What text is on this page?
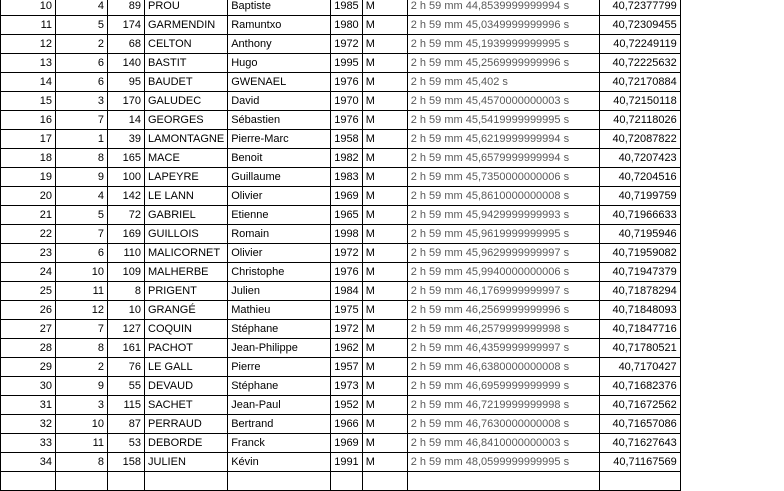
10	4	89	PROU	Baptiste	1985	M	2 h 59 mm 44,8539999999994 s	40,72377799
11	5	174	GARMENDIN	Ramuntxo	1980	M	2 h 59 mm 45,0349999999996 s	40,72309455
12	2	68	CELTON	Anthony	1972	M	2 h 59 mm 45,1939999999995 s	40,72249119
13	6	140	BASTIT	Hugo	1995	M	2 h 59 mm 45,2569999999996 s	40,72225632
14	6	95	BAUDET	GWENAEL	1976	M	2 h 59 mm 45,402 s	40,72170884
15	3	170	GALUDEC	David	1970	M	2 h 59 mm 45,4570000000003 s	40,72150118
16	7	14	GEORGES	Sébastien	1976	M	2 h 59 mm 45,5419999999995 s	40,72118026
17	1	39	LAMONTAGNE	Pierre-Marc	1958	M	2 h 59 mm 45,6219999999994 s	40,72087822
18	8	165	MACE	Benoit	1982	M	2 h 59 mm 45,6579999999994 s	40,7207423
19	9	100	LAPEYRE	Guillaume	1983	M	2 h 59 mm 45,7350000000006 s	40,7204516
20	4	142	LE LANN	Olivier	1969	M	2 h 59 mm 45,8610000000008 s	40,7199759
21	5	72	GABRIEL	Etienne	1965	M	2 h 59 mm 45,9429999999993 s	40,71966633
22	7	169	GUILLOIS	Romain	1998	M	2 h 59 mm 45,9619999999995 s	40,7195946
23	6	110	MALICORNET	Olivier	1972	M	2 h 59 mm 45,9629999999997 s	40,71959082
24	10	109	MALHERBE	Christophe	1976	M	2 h 59 mm 45,9940000000006 s	40,71947379
25	11	8	PRIGENT	Julien	1984	M	2 h 59 mm 46,1769999999997 s	40,71878294
26	12	10	GRANGÉ	Mathieu	1975	M	2 h 59 mm 46,2569999999996 s	40,71848093
27	7	127	COQUIN	Stéphane	1972	M	2 h 59 mm 46,2579999999998 s	40,71847716
28	8	161	PACHOT	Jean-Philippe	1962	M	2 h 59 mm 46,4359999999997 s	40,71780521
29	2	76	LE GALL	Pierre	1957	M	2 h 59 mm 46,6380000000008 s	40,7170427
30	9	55	DEVAUD	Stéphane	1973	M	2 h 59 mm 46,6959999999999 s	40,71682376
31	3	115	SACHET	Jean-Paul	1952	M	2 h 59 mm 46,7219999999998 s	40,71672562
32	10	87	PERRAUD	Bertrand	1966	M	2 h 59 mm 46,7630000000008 s	40,71657086
33	11	53	DEBORDE	Franck	1969	M	2 h 59 mm 46,8410000000003 s	40,71627643
34	8	158	JULIEN	Kévin	1991	M	2 h 59 mm 48,0599999999995 s	40,71167569
